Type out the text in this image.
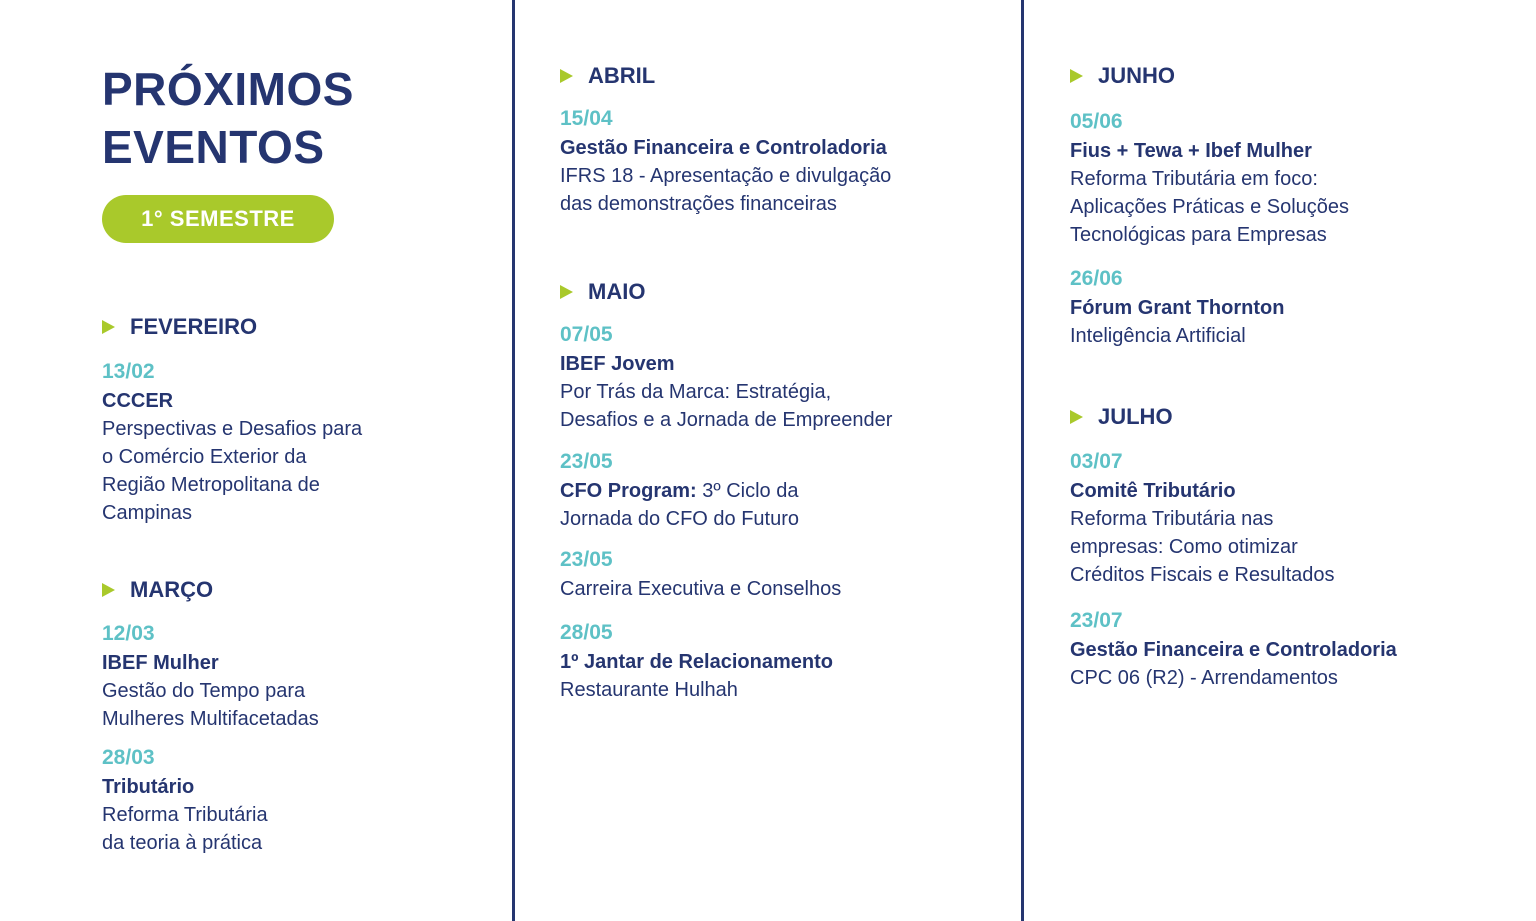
PRÓXIMOS
EVENTOS
1° SEMESTRE
FEVEREIRO
13/02
CCCER
Perspectivas e Desafios para
o Comércio Exterior da
Região Metropolitana de
Campinas
MARÇO
12/03
IBEF Mulher
Gestão do Tempo para
Mulheres Multifacetadas
28/03
Tributário
Reforma Tributária
da teoria à prática
ABRIL
15/04
Gestão Financeira e Controladoria
IFRS 18 - Apresentação e divulgação
das demonstrações financeiras
MAIO
07/05
IBEF Jovem
Por Trás da Marca: Estratégia,
Desafios e a Jornada de Empreender
23/05
CFO Program: 3º Ciclo da
Jornada do CFO do Futuro
23/05
Carreira Executiva e Conselhos
28/05
1º Jantar de Relacionamento
Restaurante Hulhah
JUNHO
05/06
Fius + Tewa + Ibef Mulher
Reforma Tributária em foco:
Aplicações Práticas e Soluções
Tecnológicas para Empresas
26/06
Fórum Grant Thornton
Inteligência Artificial
JULHO
03/07
Comitê Tributário
Reforma Tributária nas
empresas: Como otimizar
Créditos Fiscais e Resultados
23/07
Gestão Financeira e Controladoria
CPC 06 (R2) - Arrendamentos
